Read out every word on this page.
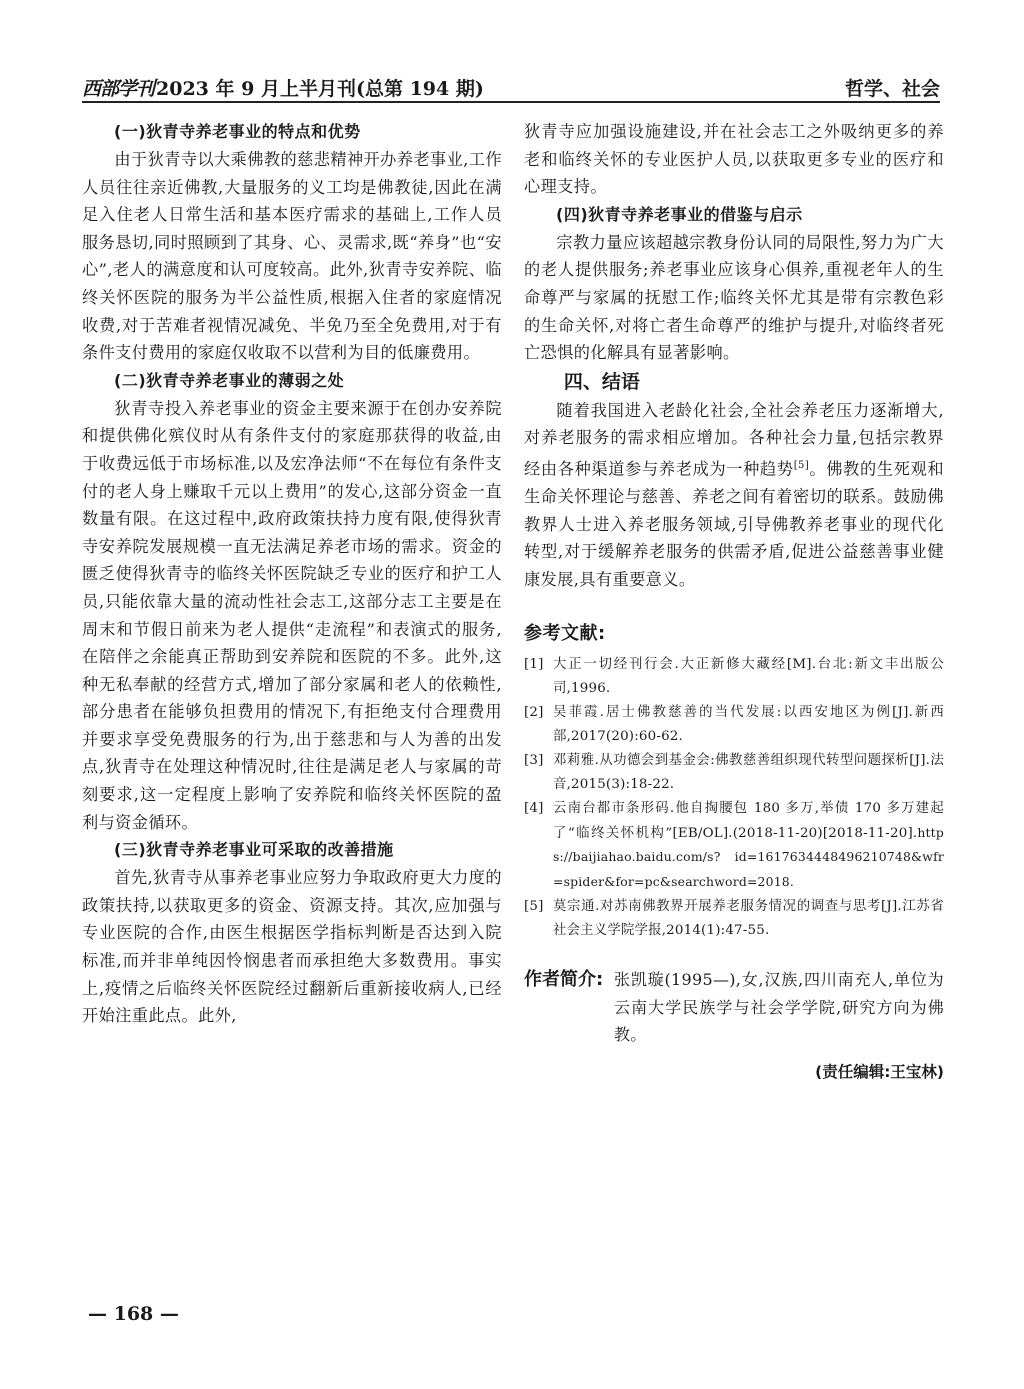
西部学刊 2023 年 9 月上半月刊(总第 194 期)	哲学、社会
(一)狄青寺养老事业的特点和优势

由于狄青寺以大乘佛教的慈悲精神开办养老事业,工作人员往往亲近佛教,大量服务的义工均是佛教徒,因此在满足入住老人日常生活和基本医疗需求的基础上,工作人员服务恳切,同时照顾到了其身、心、灵需求,既“养身”也“安心”,老人的满意度和认可度较高。此外,狄青寺安养院、临终关怀医院的服务为半公益性质,根据入住者的家庭情况收费,对于苦难者视情况减免、半免乃至全免费用,对于有条件支付费用的家庭仅收取不以营利为目的低廉费用。

(二)狄青寺养老事业的薄弱之处

狄青寺投入养老事业的资金主要来源于在创办安养院和提供佛化殡仪时从有条件支付的家庭那获得的收益,由于收费远低于市场标准,以及宏净法师“不在每位有条件支付的老人身上赚取千元以上费用”的发心,这部分资金一直数量有限。在这过程中,政府政策扶持力度有限,使得狄青寺安养院发展规模一直无法满足养老市场的需求。资金的匮乏使得狄青寺的临终关怀医院缺乏专业的医疗和护工人员,只能依靠大量的流动性社会志工,这部分志工主要是在周末和节假日前来为老人提供“走流程”和表演式的服务,在陪伴之余能真正帮助到安养院和医院的不多。此外,这种无私奉献的经营方式,增加了部分家属和老人的依赖性,部分患者在能够负担费用的情况下,有拒绝支付合理费用并要求享受免费服务的行为,出于慈悲和与人为善的出发点,狄青寺在处理这种情况时,往往是满足老人与家属的苛刻要求,这一定程度上影响了安养院和临终关怀医院的盈利与资金循环。

(三)狄青寺养老事业可采取的改善措施

首先,狄青寺从事养老事业应努力争取政府更大力度的政策扶持,以获取更多的资金、资源支持。其次,应加强与专业医院的合作,由医生根据医学指标判断是否达到入院标准,而并非单纯因怜悯患者而承担绝大多数费用。事实上,疫情之后临终关怀医院经过翻新后重新接收病人,已经开始注重此点。此外,

狄青寺应加强设施建设,并在社会志工之外吸纳更多的养老和临终关怀的专业医护人员,以获取更多专业的医疗和心理支持。

(四)狄青寺养老事业的借鉴与启示

宗教力量应该超越宗教身份认同的局限性,努力为广大的老人提供服务;养老事业应该身心俱养,重视老年人的生命尊严与家属的抚慰工作;临终关怀尤其是带有宗教色彩的生命关怀,对将亡者生命尊严的维护与提升,对临终者死亡恐惧的化解具有显著影响。

四、结语

随着我国进入老龄化社会,全社会养老压力逐渐增大,对养老服务的需求相应增加。各种社会力量,包括宗教界经由各种渠道参与养老成为一种趋势[5]。佛教的生死观和生命关怀理论与慈善、养老之间有着密切的联系。鼓励佛教界人士进入养老服务领域,引导佛教养老事业的现代化转型,对于缓解养老服务的供需矛盾,促进公益慈善事业健康发展,具有重要意义。

参考文献:
[1] 大正一切经刊行会.大正新修大藏经[M].台北:新文丰出版公司,1996.
[2] 吴菲霞.居士佛教慈善的当代发展:以西安地区为例[J].新西部,2017(20):60-62.
[3] 邓莉雅.从功德会到基金会:佛教慈善组织现代转型问题探析[J].法音,2015(3):18-22.
[4] 云南台都市条形码.他自掏腰包 180 多万,举债 170 多万建起了“临终关怀机构”[EB/OL].(2018-11-20)[2018-11-20].https://baijiahao.baidu.com/s? id=1617634448496210748&wfr=spider&for=pc&searchword=2018.
[5] 莫宗通.对苏南佛教界开展养老服务情况的调查与思考[J].江苏省社会主义学院学报,2014(1):47-55.
作者简介: 张凯璇(1995—),女,汉族,四川南充人,单位为云南大学民族学与社会学学院,研究方向为佛教。
(责任编辑:王宝林)
— 168 —
